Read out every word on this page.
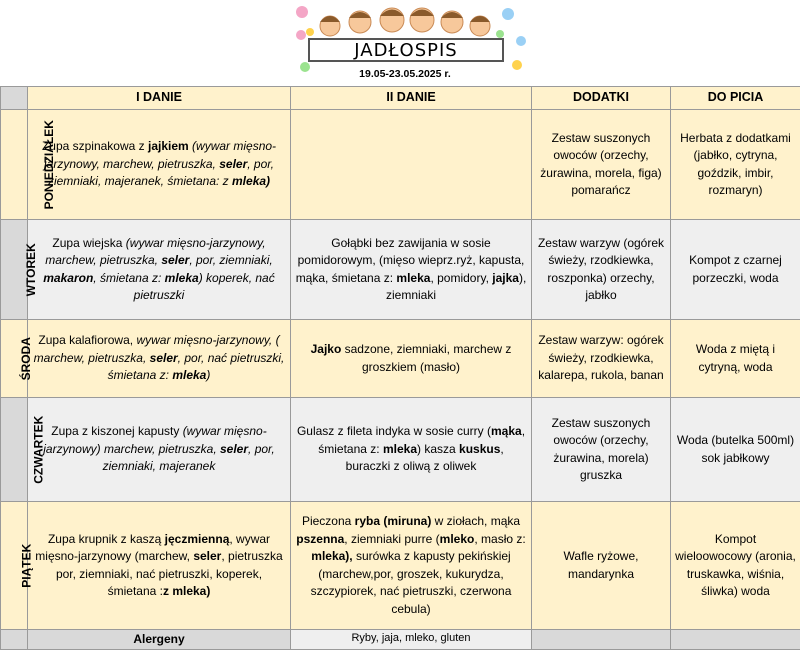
JADŁOSPIS
19.05-23.05.2025 r.
	I DANIE	II DANIE	DODATKI	DO PICIA
PONIEDZIAŁEK	Zupa szpinakowa z jajkiem (wywar mięsno-jarzynowy, marchew, pietruszka, seler, por, ziemniaki, majeranek, śmietana: z mleka)		Zestaw suszonych owoców (orzechy, żurawina, morela, figa) pomarańcz	Herbata z dodatkami (jabłko, cytryna, goździk, imbir, rozmaryn)
WTOREK	Zupa wiejska (wywar mięsno-jarzynowy, marchew, pietruszka, seler, por, ziemniaki, makaron, śmietana z: mleka) koperek, nać pietruszki	Gołąbki bez zawijania w sosie pomidorowym, (mięso wieprz.ryż, kapusta, mąka, śmietana z: mleka, pomidory, jajka), ziemniaki	Zestaw warzyw (ogórek świeży, rzodkiewka, roszponka) orzechy, jabłko	Kompot z czarnej porzeczki, woda
ŚRODA	Zupa kalafiorowa, wywar mięsno-jarzynowy, ( marchew, pietruszka, seler, por, nać pietruszki, śmietana z: mleka)	Jajko sadzone, ziemniaki, marchew z groszkiem (masło)	Zestaw warzyw: ogórek świeży, rzodkiewka, kalarepa, rukola, banan	Woda z miętą i cytryną, woda
CZWARTEK	Zupa z kiszonej kapusty (wywar mięsno-jarzynowy) marchew, pietruszka, seler, por, ziemniaki, majeranek	Gulasz z fileta indyka w sosie curry (mąka, śmietana z: mleka) kasza kuskus, buraczki z oliwą z oliwek	Zestaw suszonych owoców (orzechy, żurawina, morela) gruszka	Woda (butelka 500ml) sok jabłkowy
PIĄTEK	Zupa krupnik z kaszą jęczmienną, wywar mięsno-jarzynowy (marchew, seler, pietruszka por, ziemniaki, nać pietruszki, koperek, śmietana :z mleka)	Pieczona ryba (miruna) w ziołach, mąka pszenna, ziemniaki purre (mleko, masło z: mleka), surówka z kapusty pekińskiej (marchew,por, groszek, kukurydza, szczypiorek, nać pietruszki, czerwona cebula)	Wafle ryżowe, mandarynka	Kompot wieloowocowy (aronia, truskawka, wiśnia, śliwka) woda
	Alergeny	Ryby, jaja, mleko, gluten		
